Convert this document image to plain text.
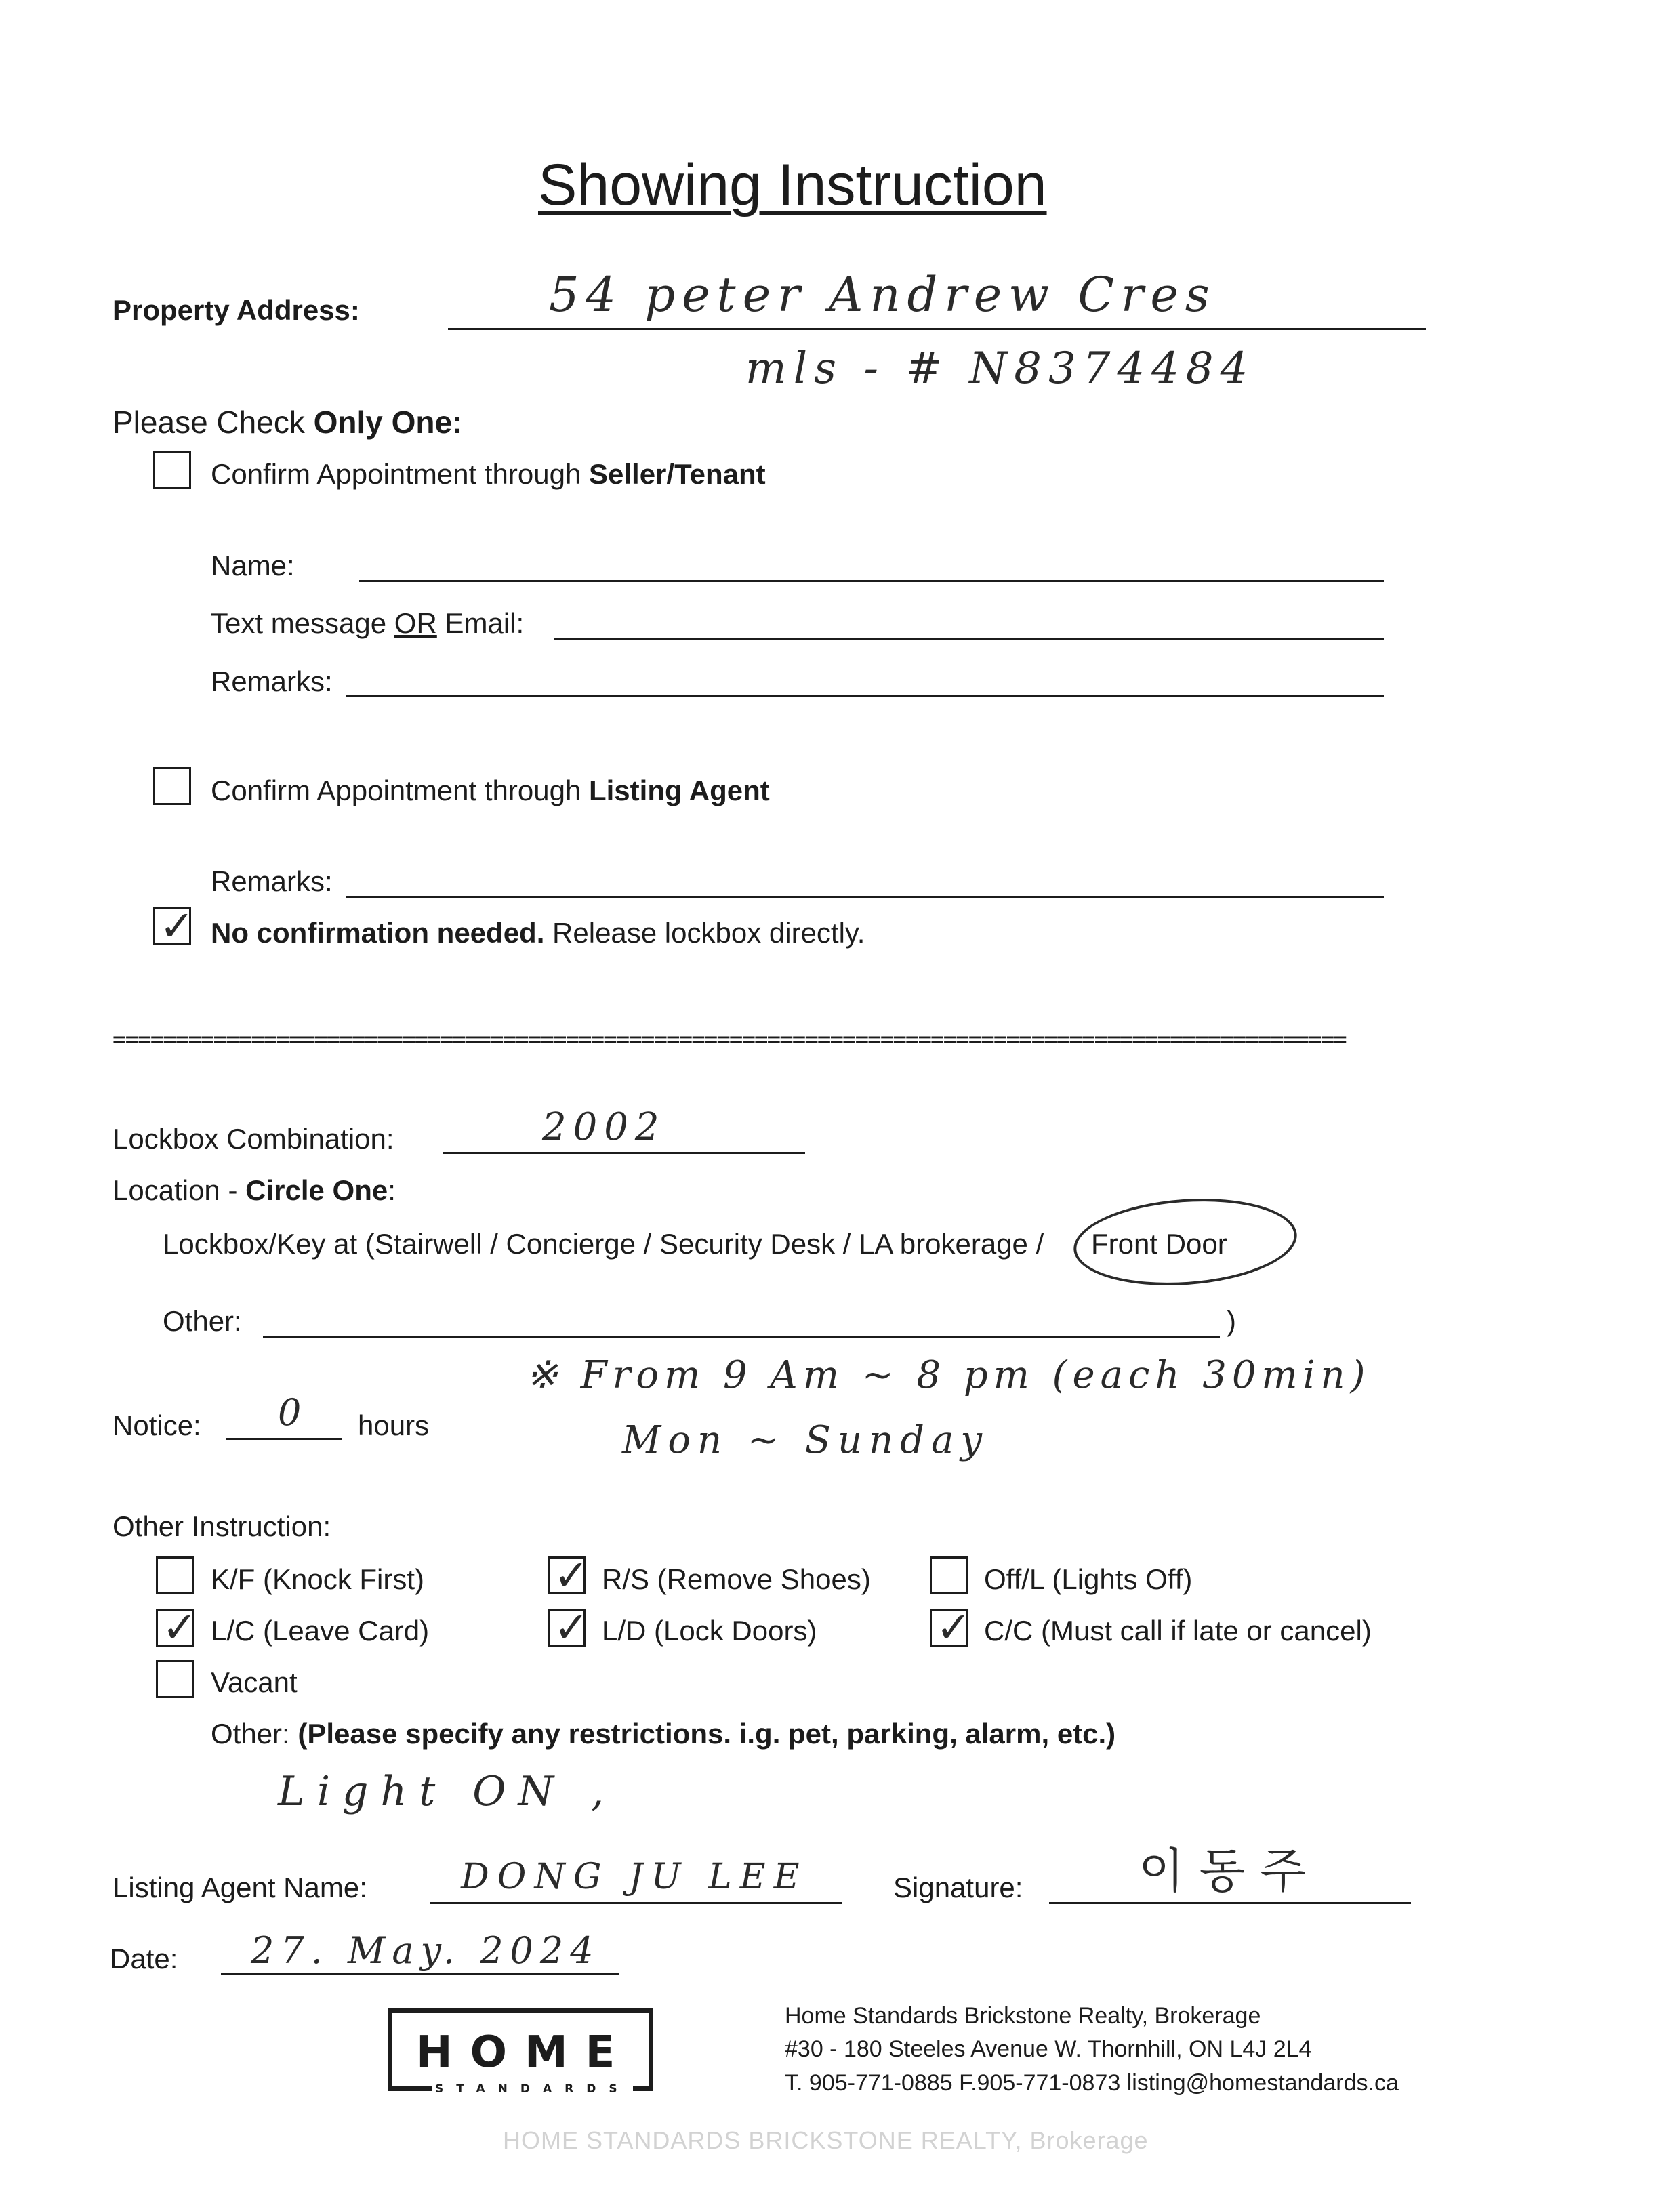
Showing Instruction
Property Address:	54 peter Andrew Cres
mls - # N8374484
Please Check Only One:
Confirm Appointment through Seller/Tenant
Name:
Text message OR Email:
Remarks:
Confirm Appointment through Listing Agent
Remarks:
✓
No confirmation needed. Release lockbox directly.
==================================================================================================
Lockbox Combination:	2002
Location - Circle One:
Lockbox/Key at (Stairwell / Concierge / Security Desk / LA brokerage / Front Door
Other:	)
Notice: 0 hours
※ From 9 Am ~ 8 pm (each 30min)
Mon ~ Sunday
Other Instruction:
K/F (Knock First) ✓	R/S (Remove Shoes)	Off/L (Lights Off)
✓
L/C (Leave Card) ✓	L/D (Lock Doors) ✓	C/C (Must call if late or cancel)
Vacant
Other: (Please specify any restrictions. i.g. pet, parking, alarm, etc.)
Light ON ,
Listing Agent Name:	DONG JU LEE	Signature: 이동주
Date: 27. May. 2024
HOME
STANDARDS
Home Standards Brickstone Realty, Brokerage
#30 - 180 Steeles Avenue W. Thornhill, ON L4J 2L4
T. 905-771-0885 F.905-771-0873 listing@homestandards.ca
HOME STANDARDS BRICKSTONE REALTY, Brokerage
